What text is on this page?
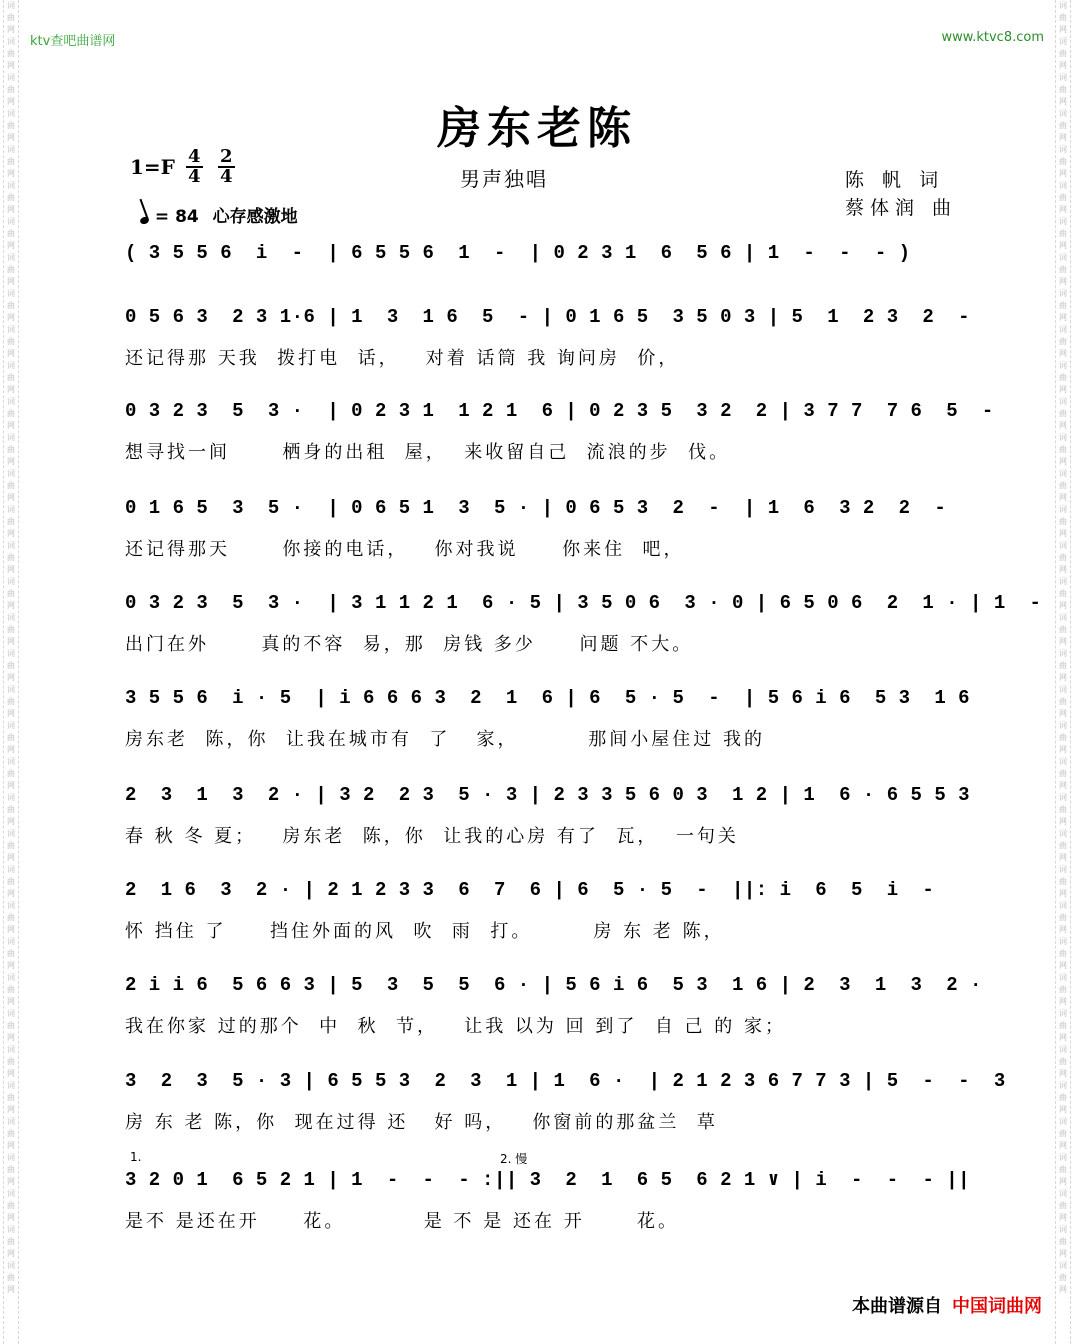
词曲网词曲网词曲网词曲网词曲网词曲网词曲网词曲网词曲网词曲网词曲网词曲网词曲网词曲网词曲网词曲网词曲网词曲网词曲网词曲网词曲网词曲网词曲网词曲网词曲网词曲网词曲网词曲网词曲网词曲网词曲网词曲网词曲网词曲网词曲网词曲网
词曲网词曲网词曲网词曲网词曲网词曲网词曲网词曲网词曲网词曲网词曲网词曲网词曲网词曲网词曲网词曲网词曲网词曲网词曲网词曲网词曲网词曲网词曲网词曲网词曲网词曲网词曲网词曲网词曲网词曲网词曲网词曲网词曲网词曲网词曲网词曲网
ktv查吧曲谱网	www.ktvc8.com
房东老陈
1=F 4
4
2
4	男声独唱	陈 帆 词
蔡体润 曲
= 84 心存感激地
( 3 5 5 6  i  -  | 6 5 5 6  1  -  | 0 2 3 1  6  5 6 | 1  -  -  - )
0 5 6 3  2 3 1·6 | 1  3  1 6  5  - | 0 1 6 5  3 5 0 3 | 5  1  2 3  2  -
还记得那 天我  拨打电  话，   对着 话筒 我 询问房  价，
0 3 2 3  5  3 ·  | 0 2 3 1  1 2 1  6 | 0 2 3 5  3 2  2 | 3 7 7  7 6  5  -
想寻找一间      栖身的出租  屋，  来收留自己  流浪的步  伐。
0 1 6 5  3  5 ·  | 0 6 5 1  3  5 · | 0 6 5 3  2  -  | 1  6  3 2  2  -
还记得那天      你接的电话，   你对我说     你来住  吧，
0 3 2 3  5  3 ·  | 3 1 1 2 1  6 · 5 | 3 5 0 6  3 · 0 | 6 5 0 6  2  1 · | 1  -
出门在外      真的不容  易，那  房钱 多少     问题 不大。
3 5 5 6  i · 5  | i 6 6 6 3  2  1  6 | 6  5 · 5  -  | 5 6 i 6  5 3  1 6
房东老  陈，你  让我在城市有  了   家，        那间小屋住过 我的
2  3  1  3  2 · | 3 2  2 3  5 · 3 | 2 3 3 5 6 0 3  1 2 | 1  6 · 6 5 5 3
春 秋 冬 夏；   房东老  陈，你  让我的心房 有了  瓦，  一句关
2  1 6  3  2 · | 2 1 2 3 3  6  7  6 | 6  5 · 5  -  ||: i  6  5  i  -
怀 挡住 了     挡住外面的风  吹  雨  打。       房 东 老 陈，
2 i i 6  5 6 6 3 | 5  3  5  5  6 · | 5 6 i 6  5 3  1 6 | 2  3  1  3  2 ·
我在你家 过的那个  中  秋  节，   让我 以为 回 到了  自 己 的 家；
3  2  3  5 · 3 | 6 5 5 3  2  3  1 | 1  6 ·  | 2 1 2 3 6 7 7 3 | 5  -  -  3
房 东 老 陈，你  现在过得 还   好 吗，   你窗前的那盆兰  草
3 2 0 1  6 5 2 1 | 1  -  -  - :|| 3  2  1  6 5  6 2 1 ∨ | i  -  -  - ||
是不 是还在开     花。         是 不 是 还在 开      花。
1.	2. 慢
本曲谱源自 中国词曲网
